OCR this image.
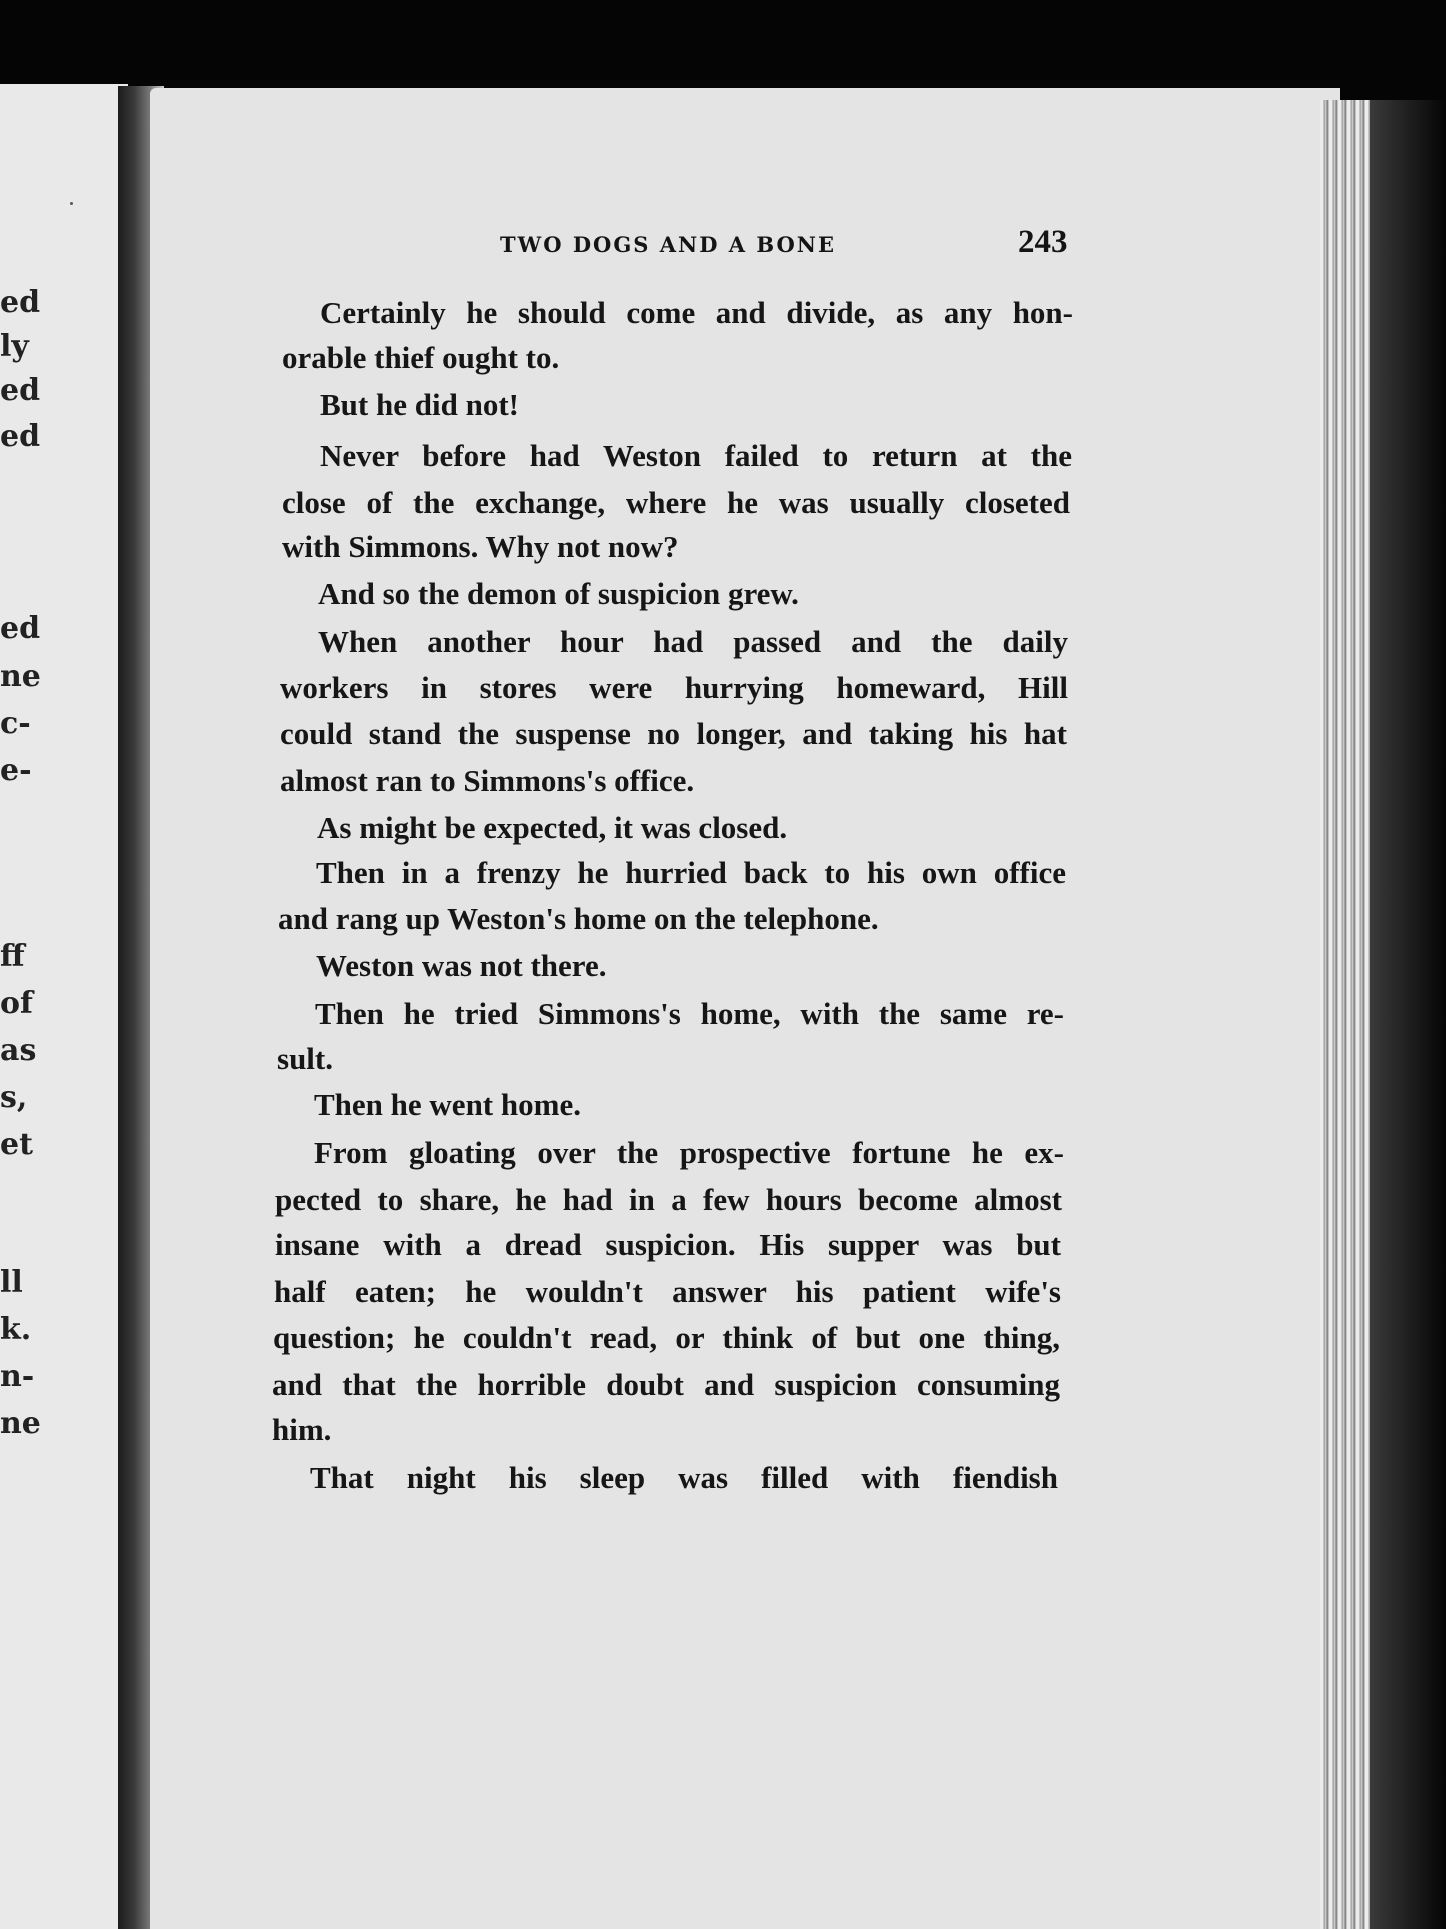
ed
ly
ed
ed
ed
ne
c-
e-
ff
of
as
s,
et
ll
k.
n-
ne
TWO DOGS AND A BONE	243
Certainly he should come and divide, as any hon-
orable thief ought to.
But he did not!
Never before had Weston failed to return at the
close of the exchange, where he was usually closeted
with Simmons. Why not now?
And so the demon of suspicion grew.
When another hour had passed and the daily
workers in stores were hurrying homeward, Hill
could stand the suspense no longer, and taking his hat
almost ran to Simmons's office.
As might be expected, it was closed.
Then in a frenzy he hurried back to his own office
and rang up Weston's home on the telephone.
Weston was not there.
Then he tried Simmons's home, with the same re-
sult.
Then he went home.
From gloating over the prospective fortune he ex-
pected to share, he had in a few hours become almost
insane with a dread suspicion. His supper was but
half eaten; he wouldn't answer his patient wife's
question; he couldn't read, or think of but one thing,
and that the horrible doubt and suspicion consuming
him.
That night his sleep was filled with fiendish
